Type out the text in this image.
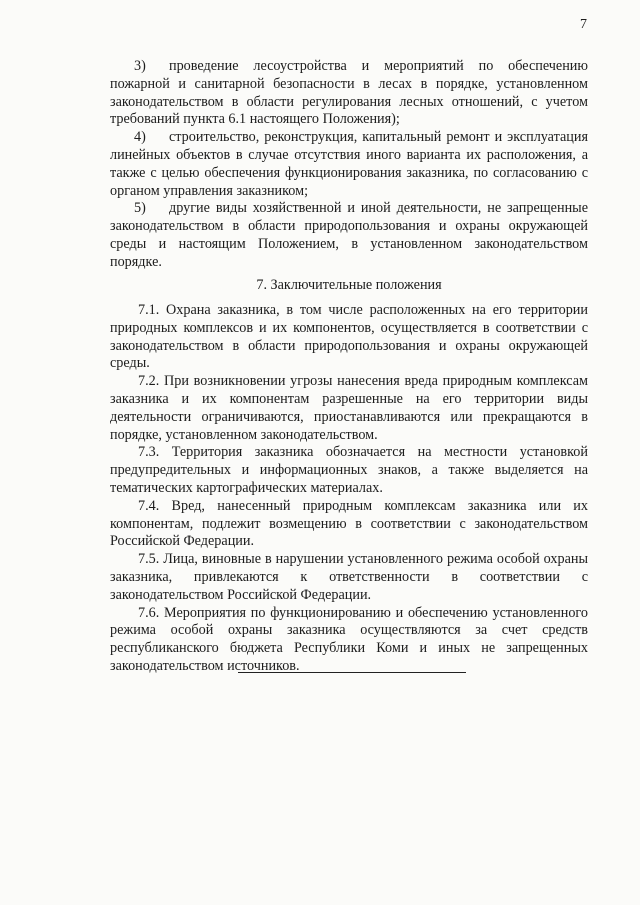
7

3) проведение лесоустройства и мероприятий по обеспечению пожарной и санитарной безопасности в лесах в порядке, установленном законодательством в области регулирования лесных отношений, с учетом требований пункта 6.1 настоящего Положения);

4) строительство, реконструкция, капитальный ремонт и эксплуатация линейных объектов в случае отсутствия иного варианта их расположения, а также с целью обеспечения функционирования заказника, по согласованию с органом управления заказником;

5) другие виды хозяйственной и иной деятельности, не запрещенные законодательством в области природопользования и охраны окружающей среды и настоящим Положением, в установленном законодательством порядке.

7. Заключительные положения

7.1. Охрана заказника, в том числе расположенных на его территории природных комплексов и их компонентов, осуществляется в соответствии с законодательством в области природопользования и охраны окружающей среды.

7.2. При возникновении угрозы нанесения вреда природным комплексам заказника и их компонентам разрешенные на его территории виды деятельности ограничиваются, приостанавливаются или прекращаются в порядке, установленном законодательством.

7.3. Территория заказника обозначается на местности установкой предупредительных и информационных знаков, а также выделяется на тематических картографических материалах.

7.4. Вред, нанесенный природным комплексам заказника или их компонентам, подлежит возмещению в соответствии с законодательством Российской Федерации.

7.5. Лица, виновные в нарушении установленного режима особой охраны заказника, привлекаются к ответственности в соответствии с законодательством Российской Федерации.

7.6. Мероприятия по функционированию и обеспечению установленного режима особой охраны заказника осуществляются за счет средств республиканского бюджета Республики Коми и иных не запрещенных законодательством источников.
